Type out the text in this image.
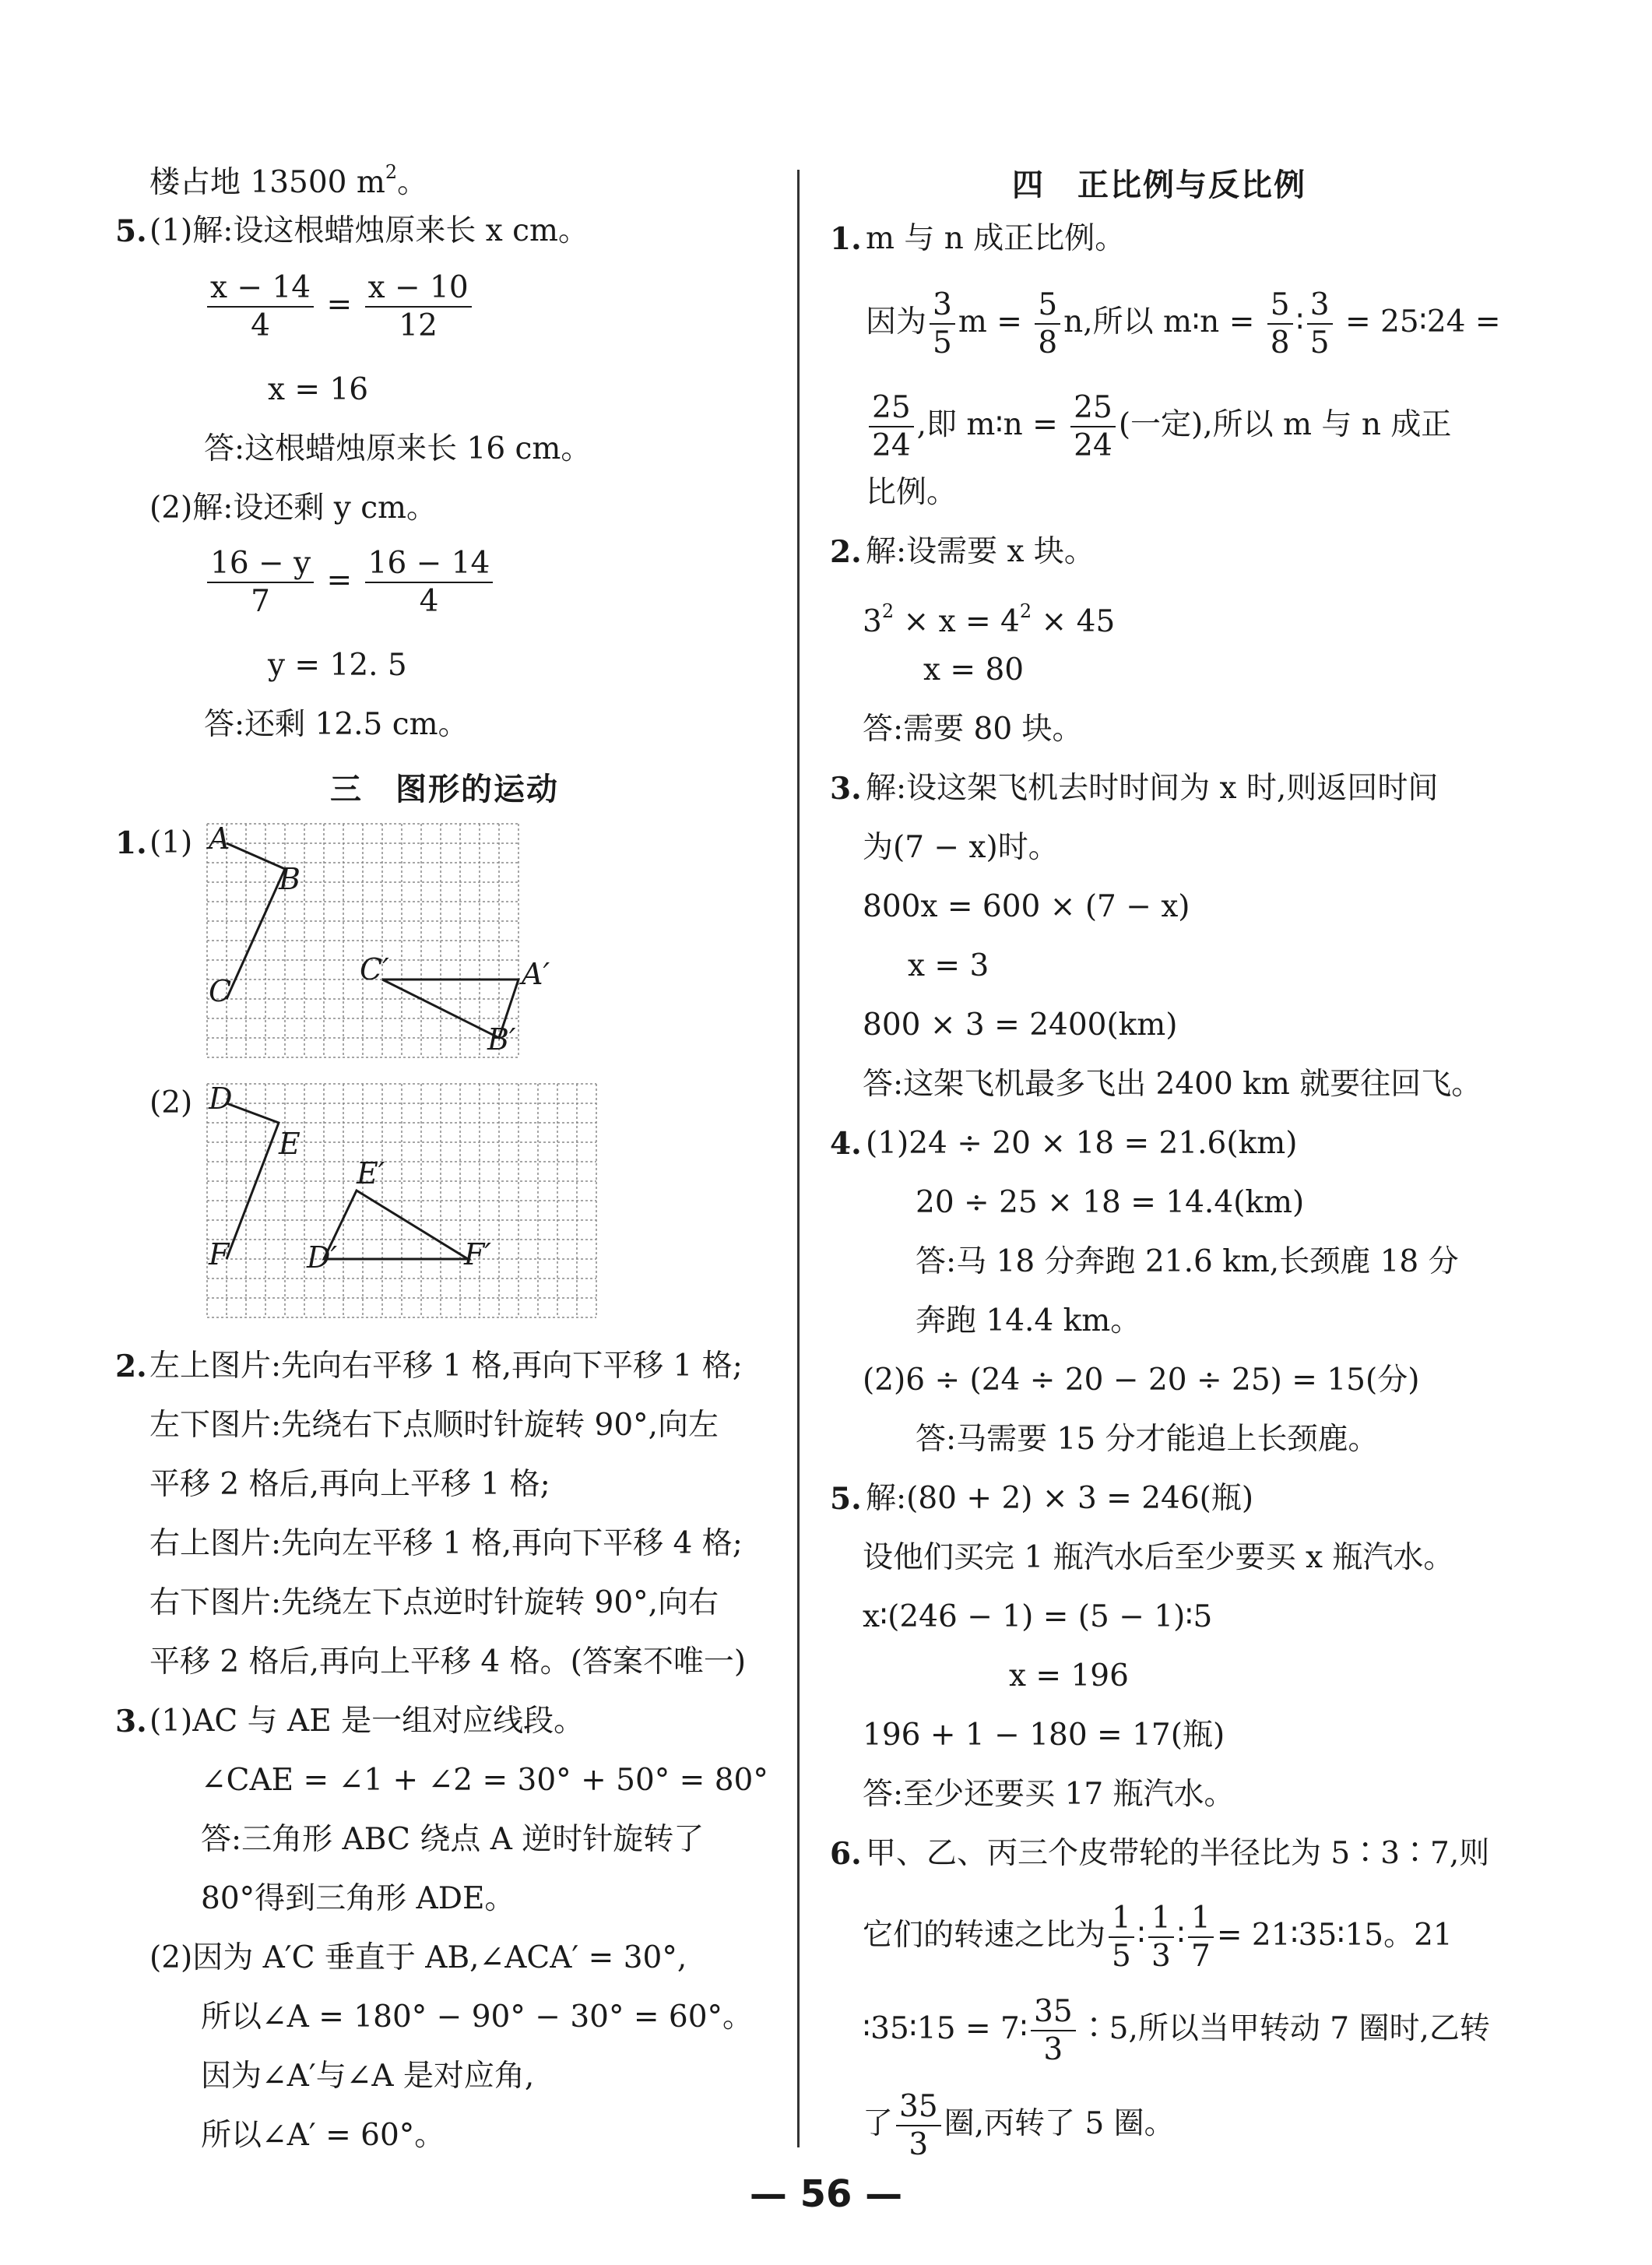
楼占地 13500 $m^2$。
5. (1)解:设这根蜡烛原来长 x cm。
$\frac{x - 14}{4} = \frac{x - 10}{12}$
x = 16
答:这根蜡烛原来长 16 cm。
(2)解:设还剩 y cm。
$\frac{16 - y}{7} = \frac{16 - 14}{4}$
y = 12. 5
答:还剩 12.5 cm。
三　图形的运动
1. (1) A
B
C
C′	A′
B′
(2) D
E
F
E′
D′	F′
2. 左上图片:先向右平移 1 格,再向下平移 1 格;
左下图片:先绕右下点顺时针旋转 90°,向左
平移 2 格后,再向上平移 1 格;
右上图片:先向左平移 1 格,再向下平移 4 格;
右下图片:先绕左下点逆时针旋转 90°,向右
平移 2 格后,再向上平移 4 格。(答案不唯一)
3. (1)AC 与 AE 是一组对应线段。
∠CAE = ∠1 + ∠2 = 30° + 50° = 80°
答:三角形 ABC 绕点 A 逆时针旋转了
80°得到三角形 ADE。
(2)因为 A′C 垂直于 AB,∠ACA′ = 30°,
所以∠A = 180° − 90° − 30° = 60°。
因为∠A′与∠A 是对应角,
所以∠A′ = 60°。
四　正比例与反比例
1. m 与 n 成正比例。
因为 $\frac{3}{5}$ $m = \frac{5}{8} n$,所以 m∶n = $\frac{5}{8}$ ∶ $\frac{3}{5}$ = 25∶24 =
$\frac{25}{24}$ ,即 m∶n = $\frac{25}{24}$ (一定),所以 m 与 n 成正
比例。
2. 解:设需要 x 块。
$3^2 \times x = 4^2 \times 45$
x = 80
答:需要 80 块。
3. 解:设这架飞机去时时间为 x 时,则返回时间
为(7 − x)时。
800x = 600 × (7 − x)
x = 3
800 × 3 = 2400(km)
答:这架飞机最多飞出 2400 km 就要往回飞。
4. (1)24 ÷ 20 × 18 = 21.6(km)
20 ÷ 25 × 18 = 14.4(km)
答:马 18 分奔跑 21.6 km,长颈鹿 18 分
奔跑 14.4 km。
(2)6 ÷ (24 ÷ 20 − 20 ÷ 25) = 15(分)
答:马需要 15 分才能追上长颈鹿。
5. 解:(80 + 2) × 3 = 246(瓶)
设他们买完 1 瓶汽水后至少要买 x 瓶汽水。
x∶(246 − 1) = (5 − 1)∶5
x = 196
196 + 1 − 180 = 17(瓶)
答:至少还要买 17 瓶汽水。
6. 甲、乙、丙三个皮带轮的半径比为 5∶3∶7,则
它们的转速之比为 $\frac{1}{5}$ ∶ $\frac{1}{3}$ ∶ $\frac{1}{7}$ = 21∶35∶15。21
∶35∶15 = 7∶ $\frac{35}{3}$ ∶5,所以当甲转动 7 圈时,乙转
了 $\frac{35}{3}$ 圈,丙转了 5 圈。
— 56 —
